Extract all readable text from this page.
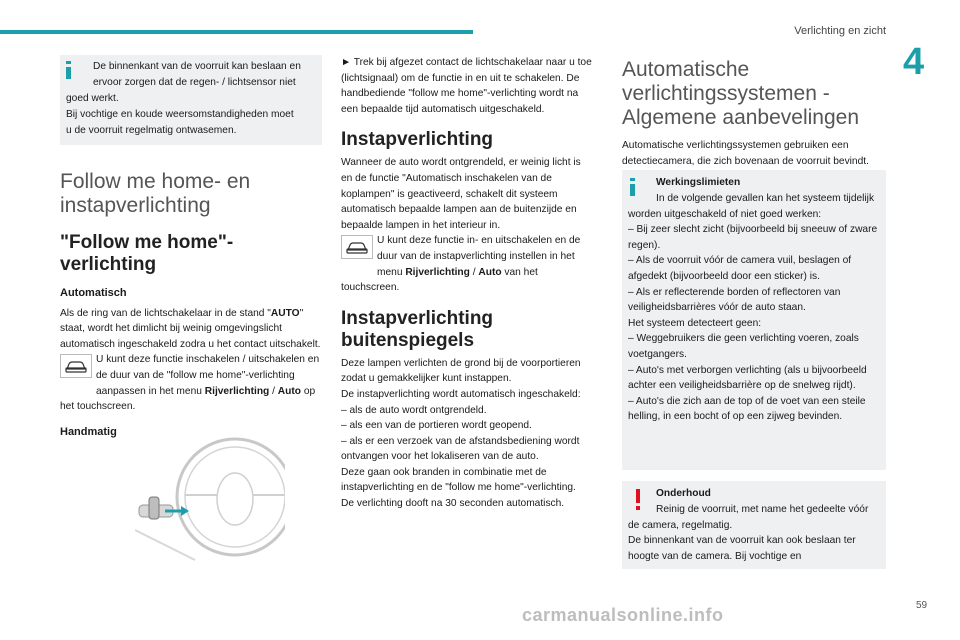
Verlichting en zicht
4
De binnenkant van de voorruit kan beslaan en
ervoor zorgen dat de regen- / lichtsensor niet
goed werkt.
Bij vochtige en koude weersomstandigheden moet
u de voorruit regelmatig ontwasemen.
Follow me home- en
instapverlichting
"Follow me home"-verlichting
Automatisch

Als de ring van de lichtschakelaar in de stand "AUTO" staat, wordt het dimlicht bij weinig omgevingslicht automatisch ingeschakeld zodra u het contact uitschakelt.

U kunt deze functie inschakelen / uitschakelen en de duur van de "follow me home"-verlichting aanpassen in het menu Rijverlichting / Auto op het touchscreen.

Handmatig

► Trek bij afgezet contact de lichtschakelaar naar u toe (lichtsignaal) om de functie in en uit te schakelen. De handbediende "follow me home"-verlichting wordt na een bepaalde tijd automatisch uitgeschakeld.

Instapverlichting

Wanneer de auto wordt ontgrendeld, er weinig licht is en de functie "Automatisch inschakelen van de koplampen" is geactiveerd, schakelt dit systeem automatisch bepaalde lampen aan de buitenzijde en bepaalde lampen in het interieur in.

U kunt deze functie in- en uitschakelen en de duur van de instapverlichting instellen in het menu Rijverlichting / Auto van het touchscreen.

Instapverlichting buitenspiegels

Deze lampen verlichten de grond bij de voorportieren zodat u gemakkelijker kunt instappen.

De instapverlichting wordt automatisch ingeschakeld:

– als de auto wordt ontgrendeld.

– als een van de portieren wordt geopend.

– als er een verzoek van de afstandsbediening wordt ontvangen voor het lokaliseren van de auto.

Deze gaan ook branden in combinatie met de instapverlichting en de "follow me home"-verlichting.

De verlichting dooft na 30 seconden automatisch.

Automatische
verlichtingssystemen -
Algemene aanbevelingen

Automatische verlichtingssystemen gebruiken een detectiecamera, die zich bovenaan de voorruit bevindt.

Werkingslimieten
In de volgende gevallen kan het systeem tijdelijk worden uitgeschakeld of niet goed werken:
– Bij zeer slecht zicht (bijvoorbeeld bij sneeuw of zware regen).
– Als de voorruit vóór de camera vuil, beslagen of afgedekt (bijvoorbeeld door een sticker) is.
– Als er reflecterende borden of reflectoren van veiligheidsbarrières vóór de auto staan.
Het systeem detecteert geen:
– Weggebruikers die geen verlichting voeren, zoals voetgangers.
– Auto's met verborgen verlichting (als u bijvoorbeeld achter een veiligheidsbarrière op de snelweg rijdt).
– Auto's die zich aan de top of de voet van een steile helling, in een bocht of op een zijweg bevinden.
Onderhoud
Reinig de voorruit, met name het gedeelte vóór de camera, regelmatig.
De binnenkant van de voorruit kan ook beslaan ter hoogte van de camera. Bij vochtige en
carmanualsonline.info	59
